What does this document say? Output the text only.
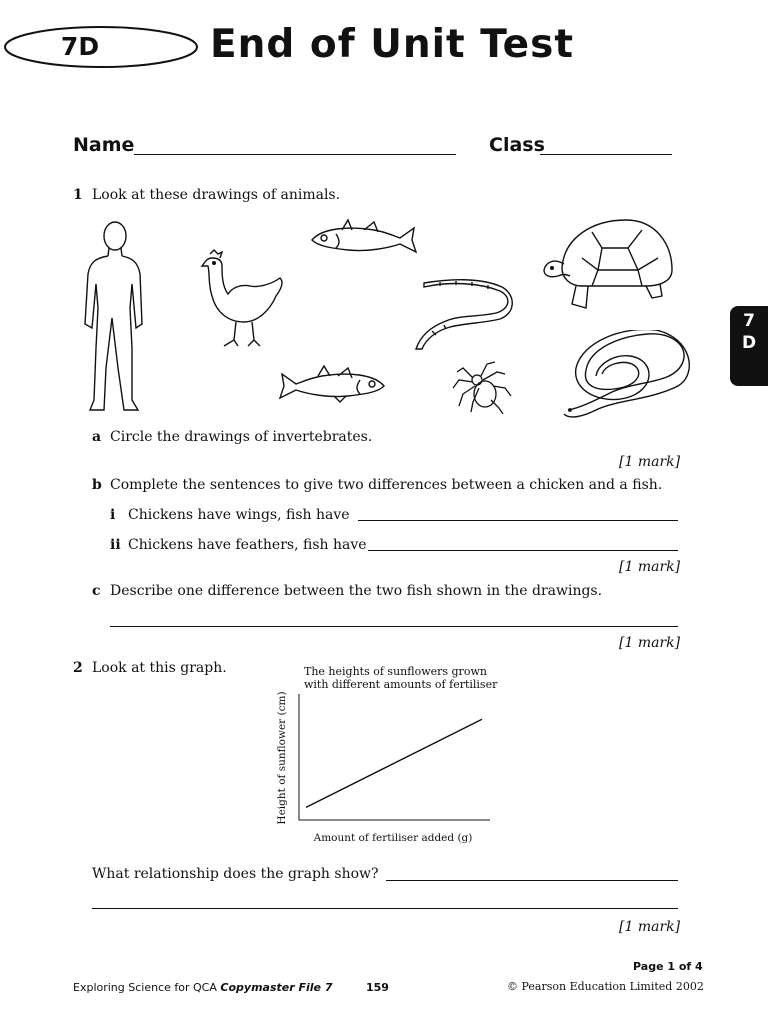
7D	End of Unit Test
Name	Class
7
D
1 Look at these drawings of animals.
a Circle the drawings of invertebrates.
[1 mark]
b Complete the sentences to give two differences between a chicken and a fish.
i Chickens have wings, fish have
ii Chickens have feathers, fish have
[1 mark]
c Describe one difference between the two fish shown in the drawings.
[1 mark]
2 Look at this graph.	The heights of sunflowers grown with different amounts of fertiliser
Amount of fertiliser added (g)
Height of sunflower (cm)
What relationship does the graph show?
[1 mark]
Page 1 of 4
Exploring Science for QCA Copymaster File 7	159	© Pearson Education Limited 2002
